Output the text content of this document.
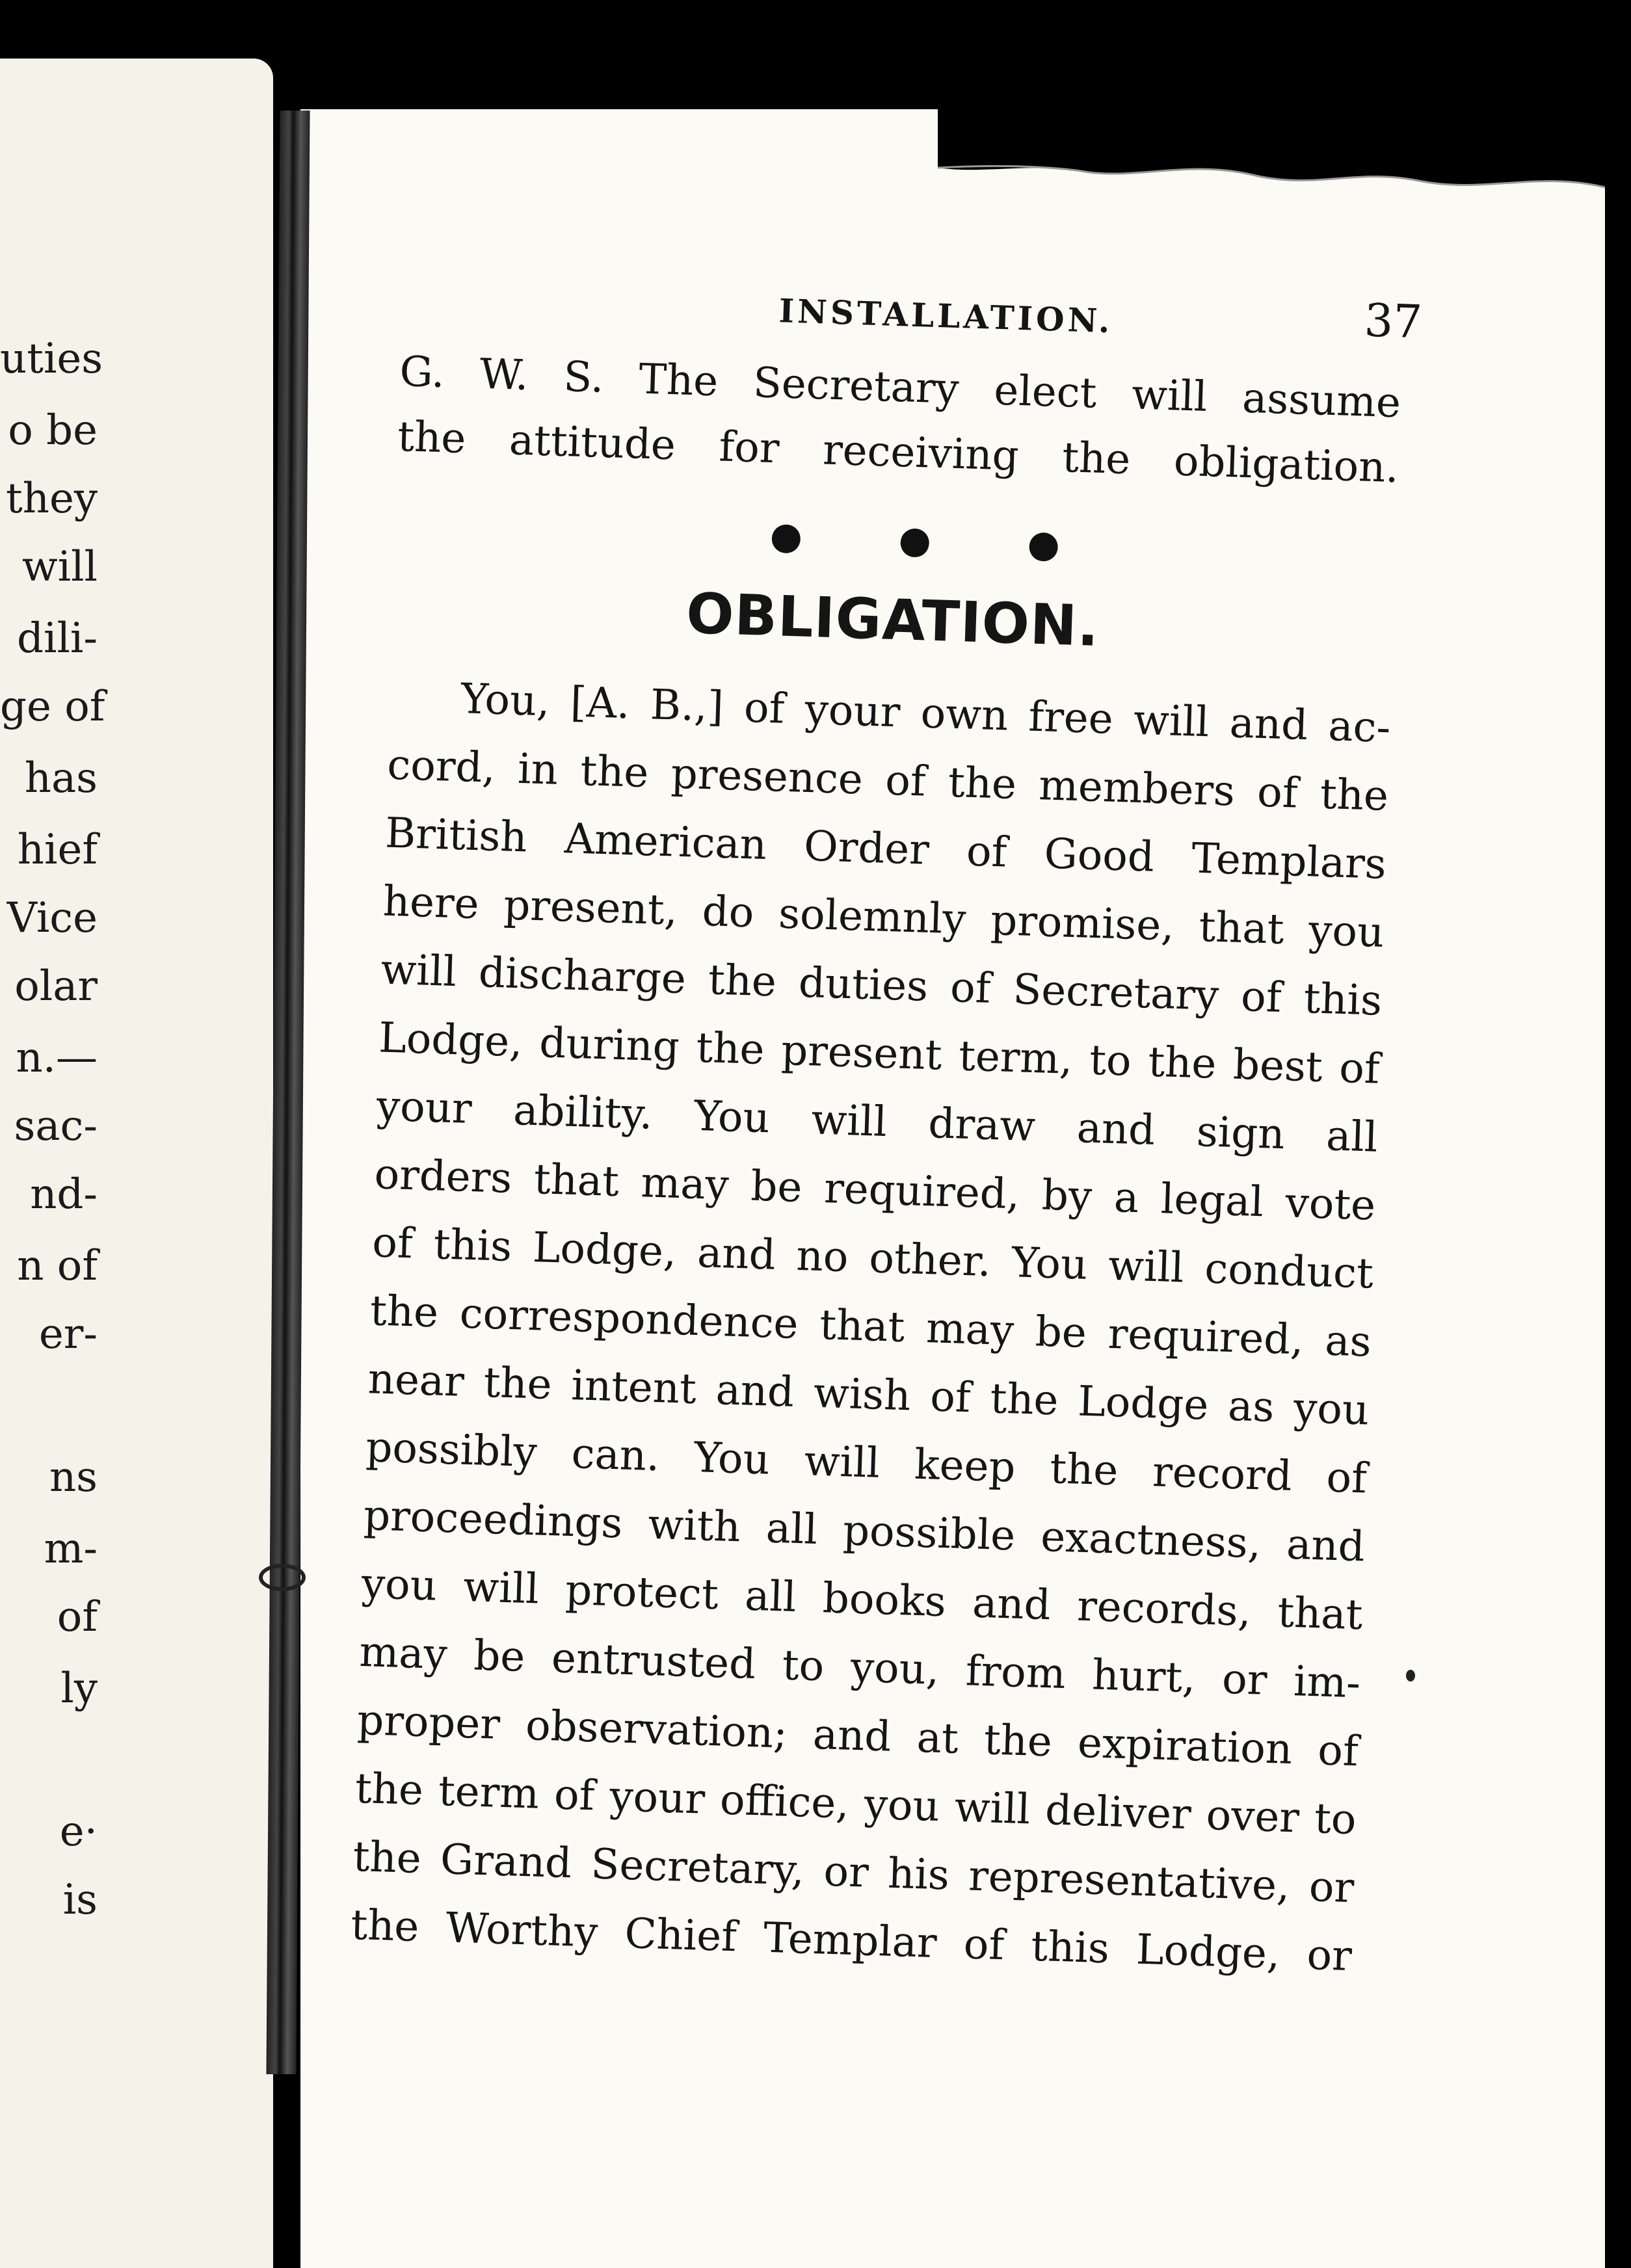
uties
o be
they
will
dili-
ge of
has
hief
Vice
olar
n.—
sac-
nd-
n of
er-
ns
m-
of
ly
e·
is
INSTALLATION.	37
G. W. S. The Secretary elect will assume
the attitude for receiving the obligation.
OBLIGATION.
You, [A. B.,] of your own free will and ac-
cord, in the presence of the members of the
British American Order of Good Templars
here present, do solemnly promise, that you
will discharge the duties of Secretary of this
Lodge, during the present term, to the best of
your ability. You will draw and sign all
orders that may be required, by a legal vote
of this Lodge, and no other. You will conduct
the correspondence that may be required, as
near the intent and wish of the Lodge as you
possibly can. You will keep the record of
proceedings with all possible exactness, and
you will protect all books and records, that
may be entrusted to you, from hurt, or im-
proper observation; and at the expiration of
the term of your office, you will deliver over to
the Grand Secretary, or his representative, or
the Worthy Chief Templar of this Lodge, or
